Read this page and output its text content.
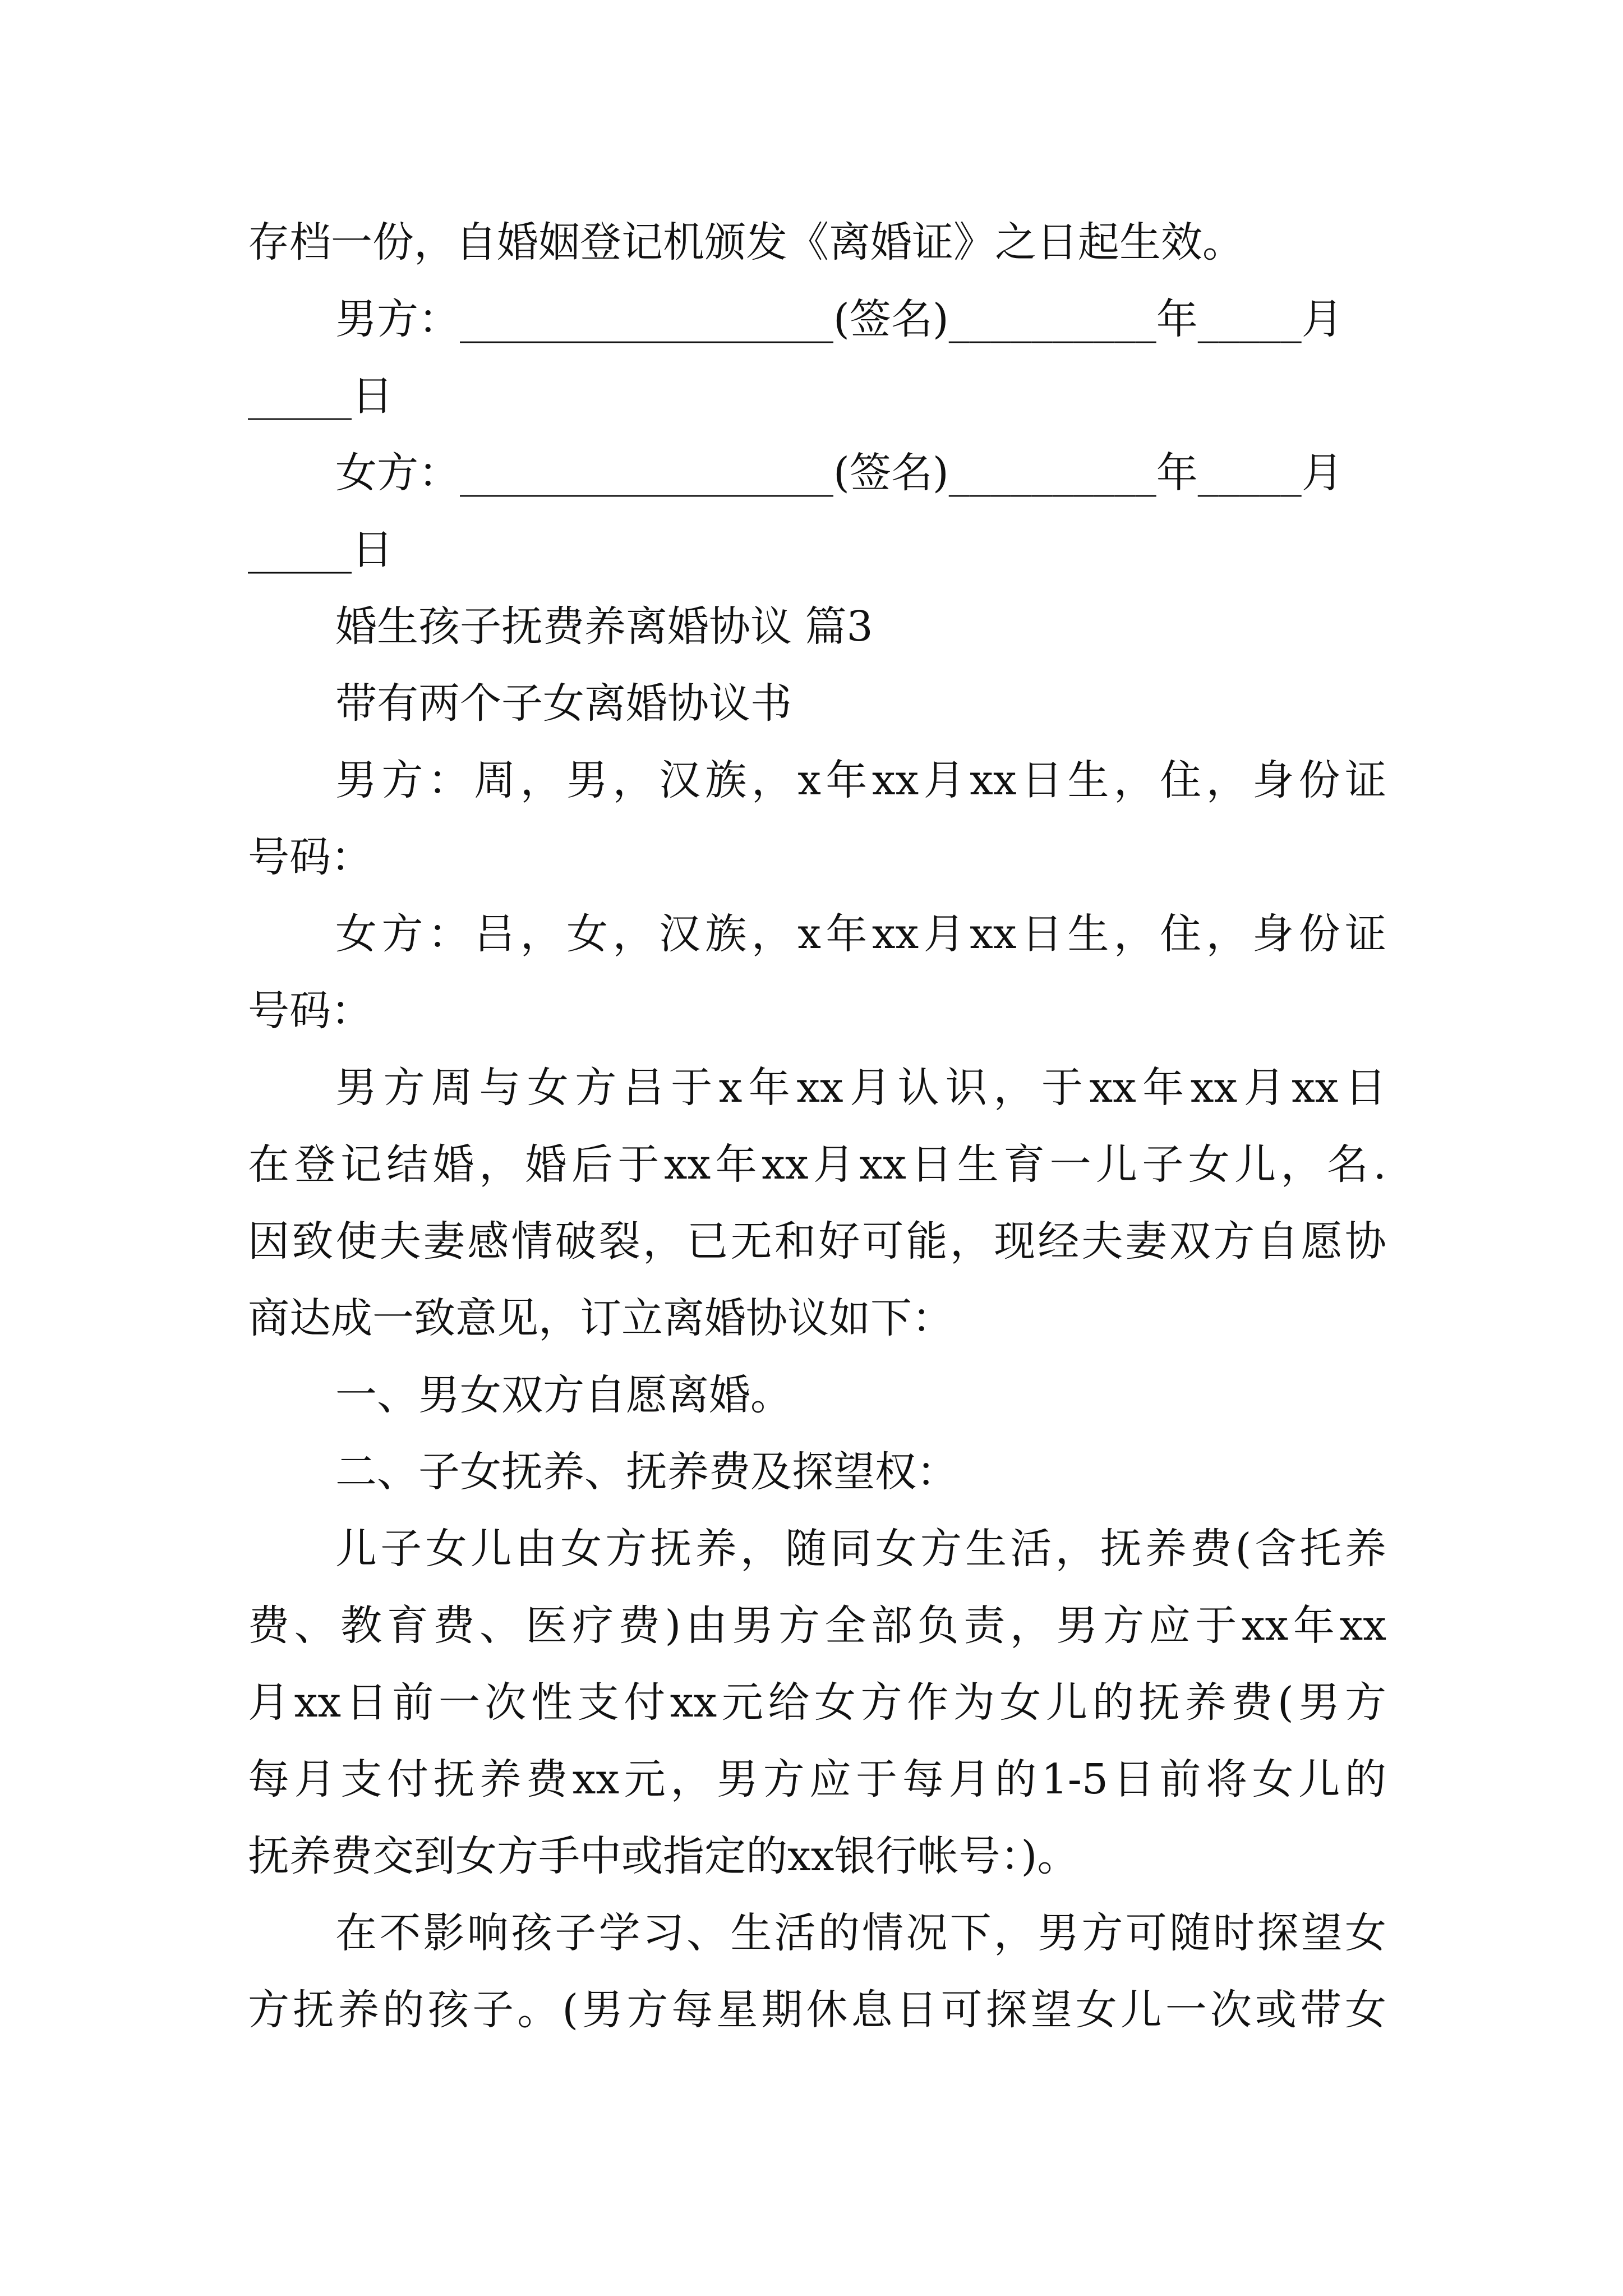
存档一份，自婚姻登记机颁发《离婚证》之日起生效。
男方：__________________(签名)__________年_____月
_____日
女方：__________________(签名)__________年_____月
_____日
婚生孩子抚费养离婚协议 篇3
带有两个子女离婚协议书
男方：周，男，汉族，x年xx月xx日生，住，身份证
号码：
女方：吕，女，汉族，x年xx月xx日生，住，身份证
号码：
男方周与女方吕于x年xx月认识，于xx年xx月xx日
在登记结婚，婚后于xx年xx月xx日生育一儿子女儿，名.
因致使夫妻感情破裂，已无和好可能，现经夫妻双方自愿协
商达成一致意见，订立离婚协议如下：
一、男女双方自愿离婚。
二、子女抚养、抚养费及探望权：
儿子女儿由女方抚养，随同女方生活，抚养费(含托养
费、教育费、医疗费)由男方全部负责，男方应于xx年xx
月xx日前一次性支付xx元给女方作为女儿的抚养费(男方
每月支付抚养费xx元，男方应于每月的1-5日前将女儿的
抚养费交到女方手中或指定的xx银行帐号：)。
在不影响孩子学习、生活的情况下，男方可随时探望女
方抚养的孩子。(男方每星期休息日可探望女儿一次或带女
